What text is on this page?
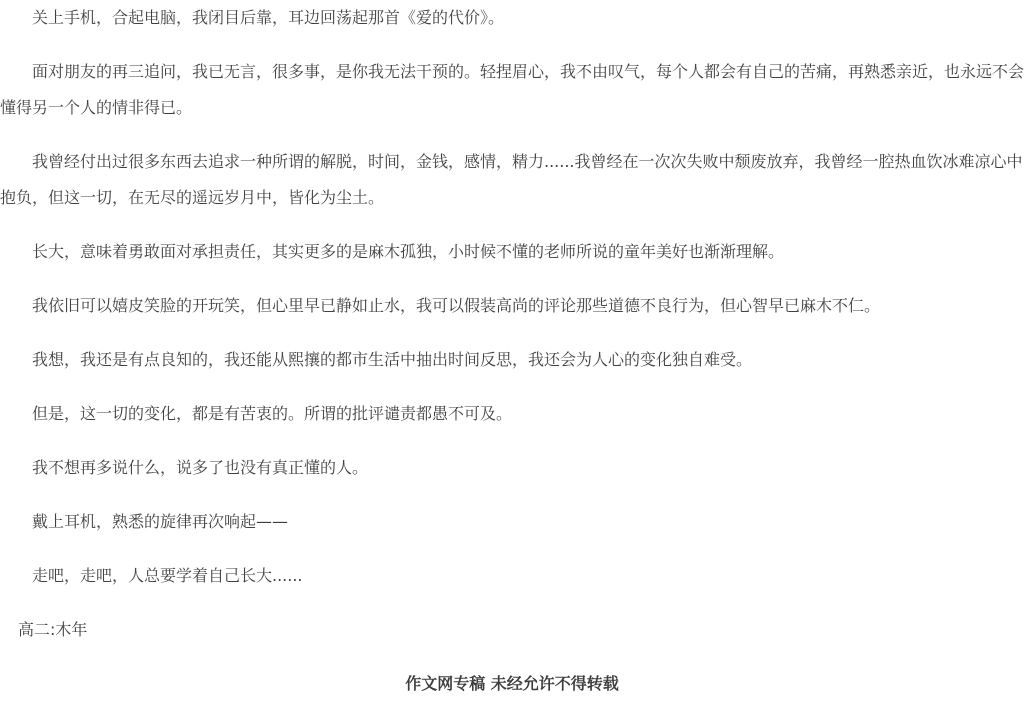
关上手机，合起电脑，我闭目后靠，耳边回荡起那首《爱的代价》。

面对朋友的再三追问，我已无言，很多事，是你我无法干预的。轻捏眉心，我不由叹气，每个人都会有自己的苦痛，再熟悉亲近，也永远不会懂得另一个人的情非得已。

我曾经付出过很多东西去追求一种所谓的解脱，时间，金钱，感情，精力......我曾经在一次次失败中颓废放弃，我曾经一腔热血饮冰难凉心中抱负，但这一切，在无尽的遥远岁月中，皆化为尘土。

长大，意味着勇敢面对承担责任，其实更多的是麻木孤独，小时候不懂的老师所说的童年美好也渐渐理解。

我依旧可以嬉皮笑脸的开玩笑，但心里早已静如止水，我可以假装高尚的评论那些道德不良行为，但心智早已麻木不仁。

我想，我还是有点良知的，我还能从熙攘的都市生活中抽出时间反思，我还会为人心的变化独自难受。

但是，这一切的变化，都是有苦衷的。所谓的批评谴责都愚不可及。

我不想再多说什么，说多了也没有真正懂的人。

戴上耳机，熟悉的旋律再次响起——

走吧，走吧，人总要学着自己长大......

高二:木年

作文网专稿 未经允许不得转载
